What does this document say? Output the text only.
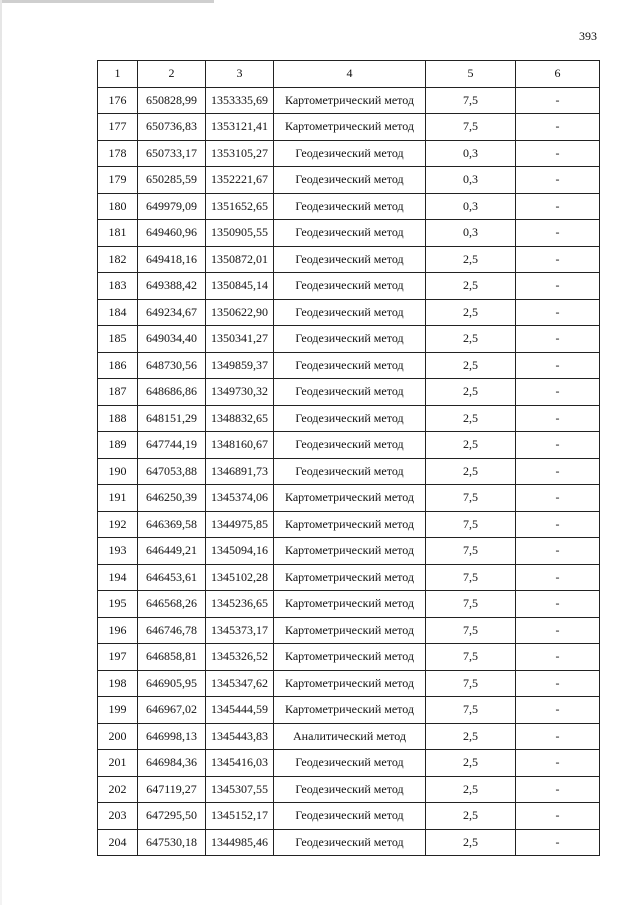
393
1	2	3	4	5	6
176	650828,99	1353335,69	Картометрический метод	7,5	-
177	650736,83	1353121,41	Картометрический метод	7,5	-
178	650733,17	1353105,27	Геодезический метод	0,3	-
179	650285,59	1352221,67	Геодезический метод	0,3	-
180	649979,09	1351652,65	Геодезический метод	0,3	-
181	649460,96	1350905,55	Геодезический метод	0,3	-
182	649418,16	1350872,01	Геодезический метод	2,5	-
183	649388,42	1350845,14	Геодезический метод	2,5	-
184	649234,67	1350622,90	Геодезический метод	2,5	-
185	649034,40	1350341,27	Геодезический метод	2,5	-
186	648730,56	1349859,37	Геодезический метод	2,5	-
187	648686,86	1349730,32	Геодезический метод	2,5	-
188	648151,29	1348832,65	Геодезический метод	2,5	-
189	647744,19	1348160,67	Геодезический метод	2,5	-
190	647053,88	1346891,73	Геодезический метод	2,5	-
191	646250,39	1345374,06	Картометрический метод	7,5	-
192	646369,58	1344975,85	Картометрический метод	7,5	-
193	646449,21	1345094,16	Картометрический метод	7,5	-
194	646453,61	1345102,28	Картометрический метод	7,5	-
195	646568,26	1345236,65	Картометрический метод	7,5	-
196	646746,78	1345373,17	Картометрический метод	7,5	-
197	646858,81	1345326,52	Картометрический метод	7,5	-
198	646905,95	1345347,62	Картометрический метод	7,5	-
199	646967,02	1345444,59	Картометрический метод	7,5	-
200	646998,13	1345443,83	Аналитический метод	2,5	-
201	646984,36	1345416,03	Геодезический метод	2,5	-
202	647119,27	1345307,55	Геодезический метод	2,5	-
203	647295,50	1345152,17	Геодезический метод	2,5	-
204	647530,18	1344985,46	Геодезический метод	2,5	-
